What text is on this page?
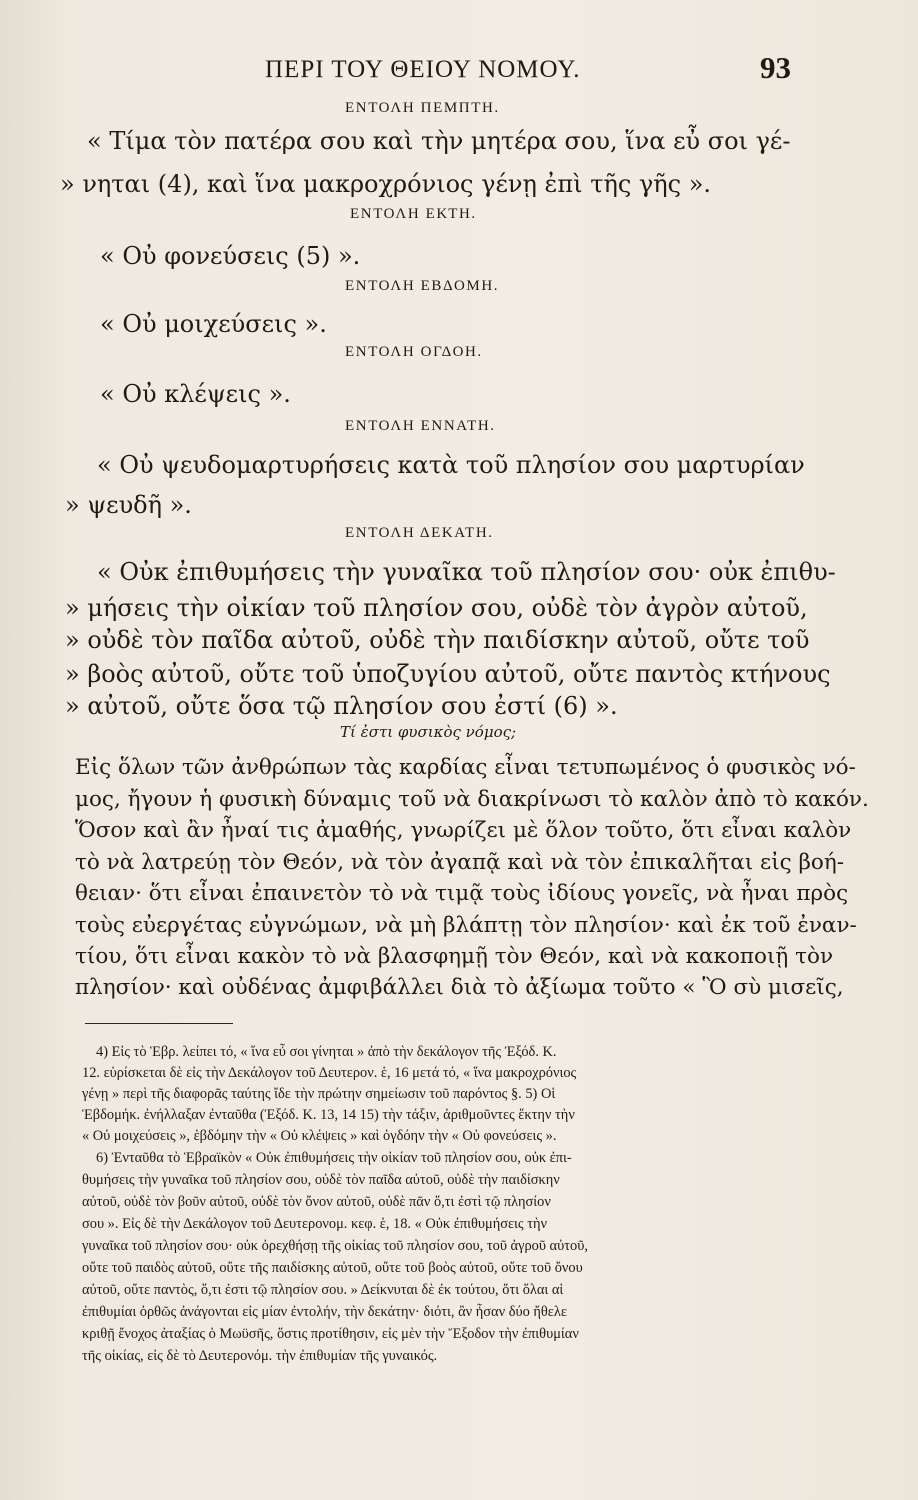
ΠΕΡΙ ΤΟΥ ΘΕΙΟΥ ΝΟΜΟΥ.	93
ΕΝΤΟΛΗ ΠΕΜΠΤΗ.
« Τίμα τὸν πατέρα σου καὶ τὴν μητέρα σου, ἵνα εὖ σοι γέ-
» νηται (4), καὶ ἵνα μακροχρόνιος γένῃ ἐπὶ τῆς γῆς ».
ΕΝΤΟΛΗ ΕΚΤΗ.
« Οὐ φονεύσεις (5) ».
ΕΝΤΟΛΗ ΕΒΔΟΜΗ.
« Οὐ μοιχεύσεις ».
ΕΝΤΟΛΗ ΟΓΔΟΗ.
« Οὐ κλέψεις ».
ΕΝΤΟΛΗ ΕΝΝΑΤΗ.
« Οὐ ψευδομαρτυρήσεις κατὰ τοῦ πλησίον σου μαρτυρίαν
» ψευδῆ ».
ΕΝΤΟΛΗ ΔΕΚΑΤΗ.
« Οὐκ ἐπιθυμήσεις τὴν γυναῖκα τοῦ πλησίον σου· οὐκ ἐπιθυ-
» μήσεις τὴν οἰκίαν τοῦ πλησίον σου, οὐδὲ τὸν ἀγρὸν αὐτοῦ,
» οὐδὲ τὸν παῖδα αὐτοῦ, οὐδὲ τὴν παιδίσκην αὐτοῦ, οὔτε τοῦ
» βοὸς αὐτοῦ, οὔτε τοῦ ὑποζυγίου αὐτοῦ, οὔτε παντὸς κτήνους
» αὐτοῦ, οὔτε ὅσα τῷ πλησίον σου ἐστί (6) ».
Τί ἐστι φυσικὸς νόμος;
Εἰς ὅλων τῶν ἀνθρώπων τὰς καρδίας εἶναι τετυπωμένος ὁ φυσικὸς νό-
μος, ἤγουν ἡ φυσικὴ δύναμις τοῦ νὰ διακρίνωσι τὸ καλὸν ἀπὸ τὸ κακόν.
Ὅσον καὶ ἂν ἦναί τις ἀμαθής, γνωρίζει μὲ ὅλον τοῦτο, ὅτι εἶναι καλὸν
τὸ νὰ λατρεύῃ τὸν Θεόν, νὰ τὸν ἀγαπᾷ καὶ νὰ τὸν ἐπικαλῆται εἰς βοή-
θειαν· ὅτι εἶναι ἐπαινετὸν τὸ νὰ τιμᾷ τοὺς ἰδίους γονεῖς, νὰ ἦναι πρὸς
τοὺς εὐεργέτας εὐγνώμων, νὰ μὴ βλάπτῃ τὸν πλησίον· καὶ ἐκ τοῦ ἐναν-
τίου, ὅτι εἶναι κακὸν τὸ νὰ βλασφημῇ τὸν Θεόν, καὶ νὰ κακοποιῇ τὸν
πλησίον· καὶ οὐδένας ἀμφιβάλλει διὰ τὸ ἀξίωμα τοῦτο « Ὃ σὺ μισεῖς,
4) Εἰς τὸ Ἑβρ. λείπει τό, « ἵνα εὖ σοι γίνηται » ἀπὸ τὴν δεκάλογον τῆς Ἐξόδ. Κ.
12. εὑρίσκεται δὲ εἰς τὴν Δεκάλογον τοῦ Δευτερον. ἑ, 16 μετά τό, « ἵνα μακροχρόνιος
γένῃ » περὶ τῆς διαφορᾶς ταύτης ἴδε τὴν πρώτην σημείωσιν τοῦ παρόντος §. 5) Οἱ
Ἑβδομήκ. ἐνήλλαξαν ἐνταῦθα (Ἐξόδ. Κ. 13, 14 15) τὴν τάξιν, ἀριθμοῦντες ἕκτην τὴν
« Οὐ μοιχεύσεις », ἑβδόμην τὴν « Οὐ κλέψεις » καὶ ὀγδόην τὴν « Οὐ φονεύσεις ».
6) Ἐνταῦθα τὸ Ἑβραϊκὸν « Οὐκ ἐπιθυμήσεις τὴν οἰκίαν τοῦ πλησίον σου, οὐκ ἐπι-
θυμήσεις τὴν γυναῖκα τοῦ πλησίον σου, οὐδὲ τὸν παῖδα αὐτοῦ, οὐδὲ τὴν παιδίσκην
αὐτοῦ, οὐδὲ τὸν βοῦν αὐτοῦ, οὐδὲ τὸν ὄνον αὐτοῦ, οὐδὲ πᾶν ὅ,τι ἐστὶ τῷ πλησίον
σου ». Εἰς δὲ τὴν Δεκάλογον τοῦ Δευτερονομ. κεφ. ἑ, 18. « Οὐκ ἐπιθυμήσεις τὴν
γυναῖκα τοῦ πλησίον σου· οὐκ ὀρεχθήσῃ τῆς οἰκίας τοῦ πλησίον σου, τοῦ ἀγροῦ αὐτοῦ,
οὔτε τοῦ παιδὸς αὐτοῦ, οὔτε τῆς παιδίσκης αὐτοῦ, οὔτε τοῦ βοὸς αὐτοῦ, οὔτε τοῦ ὄνου
αὐτοῦ, οὔτε παντὸς, ὅ,τι ἐστι τῷ πλησίον σου. » Δείκνυται δὲ ἐκ τούτου, ὅτι ὅλαι αἱ
ἐπιθυμίαι ὀρθῶς ἀνάγονται εἰς μίαν ἐντολήν, τὴν δεκάτην· διότι, ἂν ἦσαν δύο ἤθελε
κριθῇ ἔνοχος ἀταξίας ὁ Μωϋσῆς, ὅστις προτίθησιν, εἰς μὲν τὴν Ἔξοδον τὴν ἐπιθυμίαν
τῆς οἰκίας, εἰς δὲ τὸ Δευτερονόμ. τὴν ἐπιθυμίαν τῆς γυναικός.
